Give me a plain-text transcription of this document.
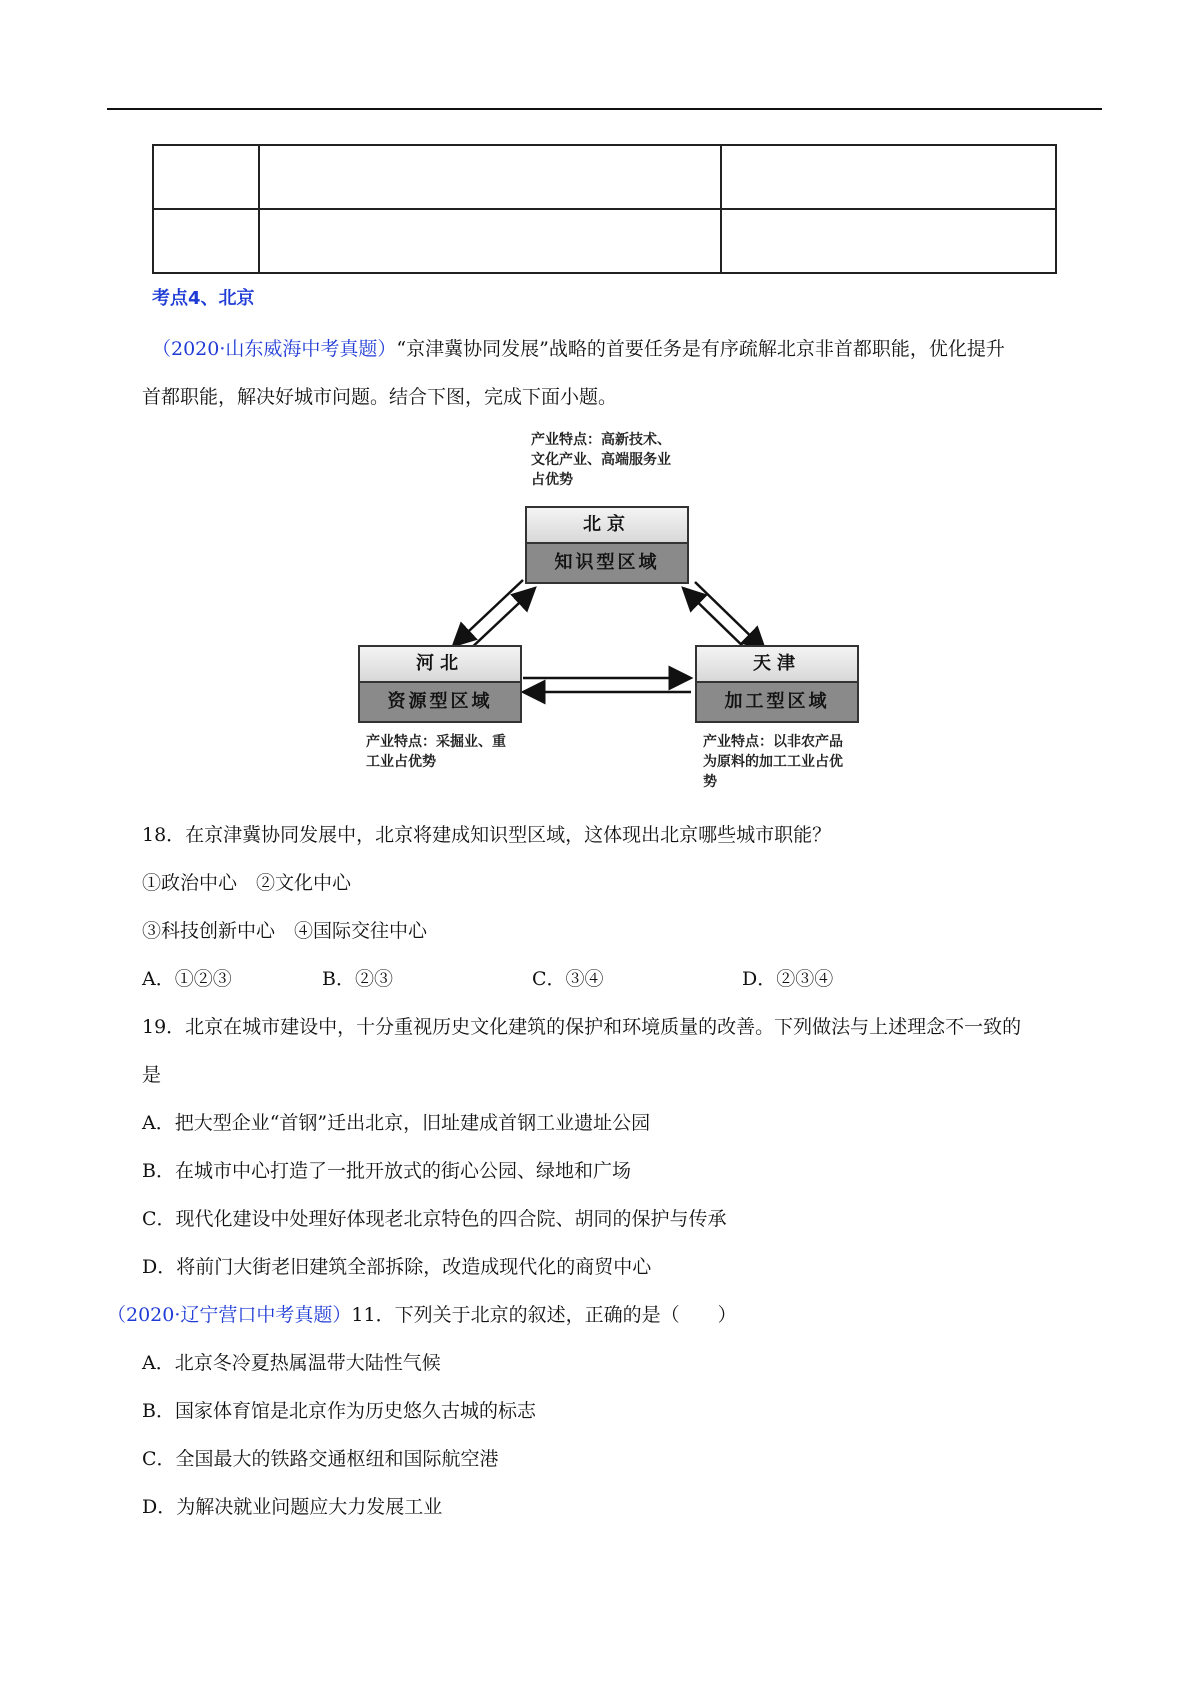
考点4、北京
（2020·山东威海中考真题）“京津冀协同发展”战略的首要任务是有序疏解北京非首都职能，优化提升
首都职能，解决好城市问题。结合下图，完成下面小题。
产业特点：高新技术、文化产业、高端服务业占优势
北京
知识型区域
河北
资源型区域
产业特点：采掘业、重工业占优势
天津
加工型区域
产业特点：以非农产品为原料的加工工业占优势
18．在京津冀协同发展中，北京将建成知识型区域，这体现出北京哪些城市职能？
①政治中心　②文化中心
③科技创新中心　④国际交往中心
A．①②③	B．②③	C．③④	D．②③④
19．北京在城市建设中，十分重视历史文化建筑的保护和环境质量的改善。下列做法与上述理念不一致的
是
A．把大型企业“首钢”迁出北京，旧址建成首钢工业遗址公园
B．在城市中心打造了一批开放式的街心公园、绿地和广场
C．现代化建设中处理好体现老北京特色的四合院、胡同的保护与传承
D．将前门大街老旧建筑全部拆除，改造成现代化的商贸中心
（2020·辽宁营口中考真题）11．下列关于北京的叙述，正确的是（　　）
A．北京冬冷夏热属温带大陆性气候
B．国家体育馆是北京作为历史悠久古城的标志
C．全国最大的铁路交通枢纽和国际航空港
D．为解决就业问题应大力发展工业
